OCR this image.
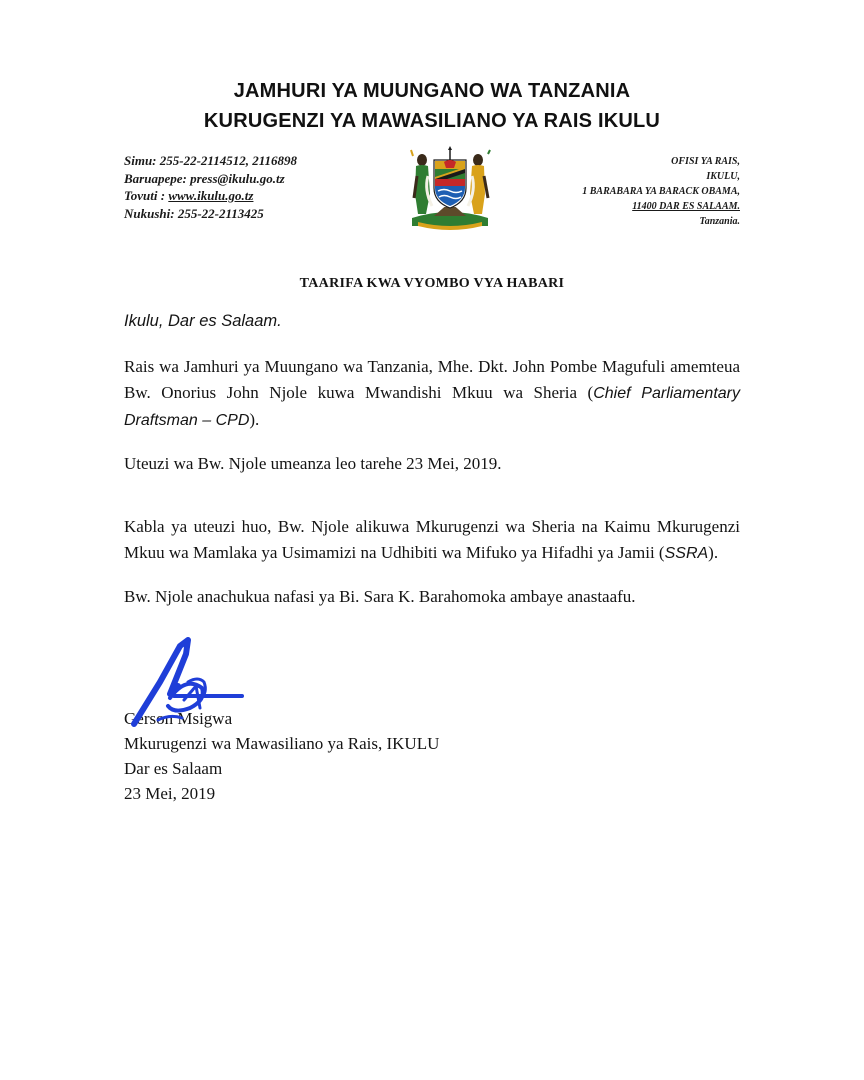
JAMHURI YA MUUNGANO WA TANZANIA
KURUGENZI YA MAWASILIANO YA RAIS IKULU
Simu: 255-22-2114512, 2116898
Baruapepe: press@ikulu.go.tz
Tovuti : www.ikulu.go.tz
Nukushi: 255-22-2113425
OFISI YA RAIS,
IKULU,
1 BARABARA YA BARACK OBAMA,
11400 DAR ES SALAAM.
Tanzania.
TAARIFA KWA VYOMBO VYA HABARI
Ikulu, Dar es Salaam.
Rais wa Jamhuri ya Muungano wa Tanzania, Mhe. Dkt. John Pombe Magufuli amemteua Bw. Onorius John Njole kuwa Mwandishi Mkuu wa Sheria (Chief Parliamentary Draftsman – CPD).
Uteuzi wa Bw. Njole umeanza leo tarehe 23 Mei, 2019.
Kabla ya uteuzi huo, Bw. Njole alikuwa Mkurugenzi wa Sheria na Kaimu Mkurugenzi Mkuu wa Mamlaka ya Usimamizi na Udhibiti wa Mifuko ya Hifadhi ya Jamii (SSRA).
Bw. Njole anachukua nafasi ya Bi. Sara K. Barahomoka ambaye anastaafu.
Gerson Msigwa
Mkurugenzi wa Mawasiliano ya Rais, IKULU
Dar es Salaam
23 Mei, 2019
